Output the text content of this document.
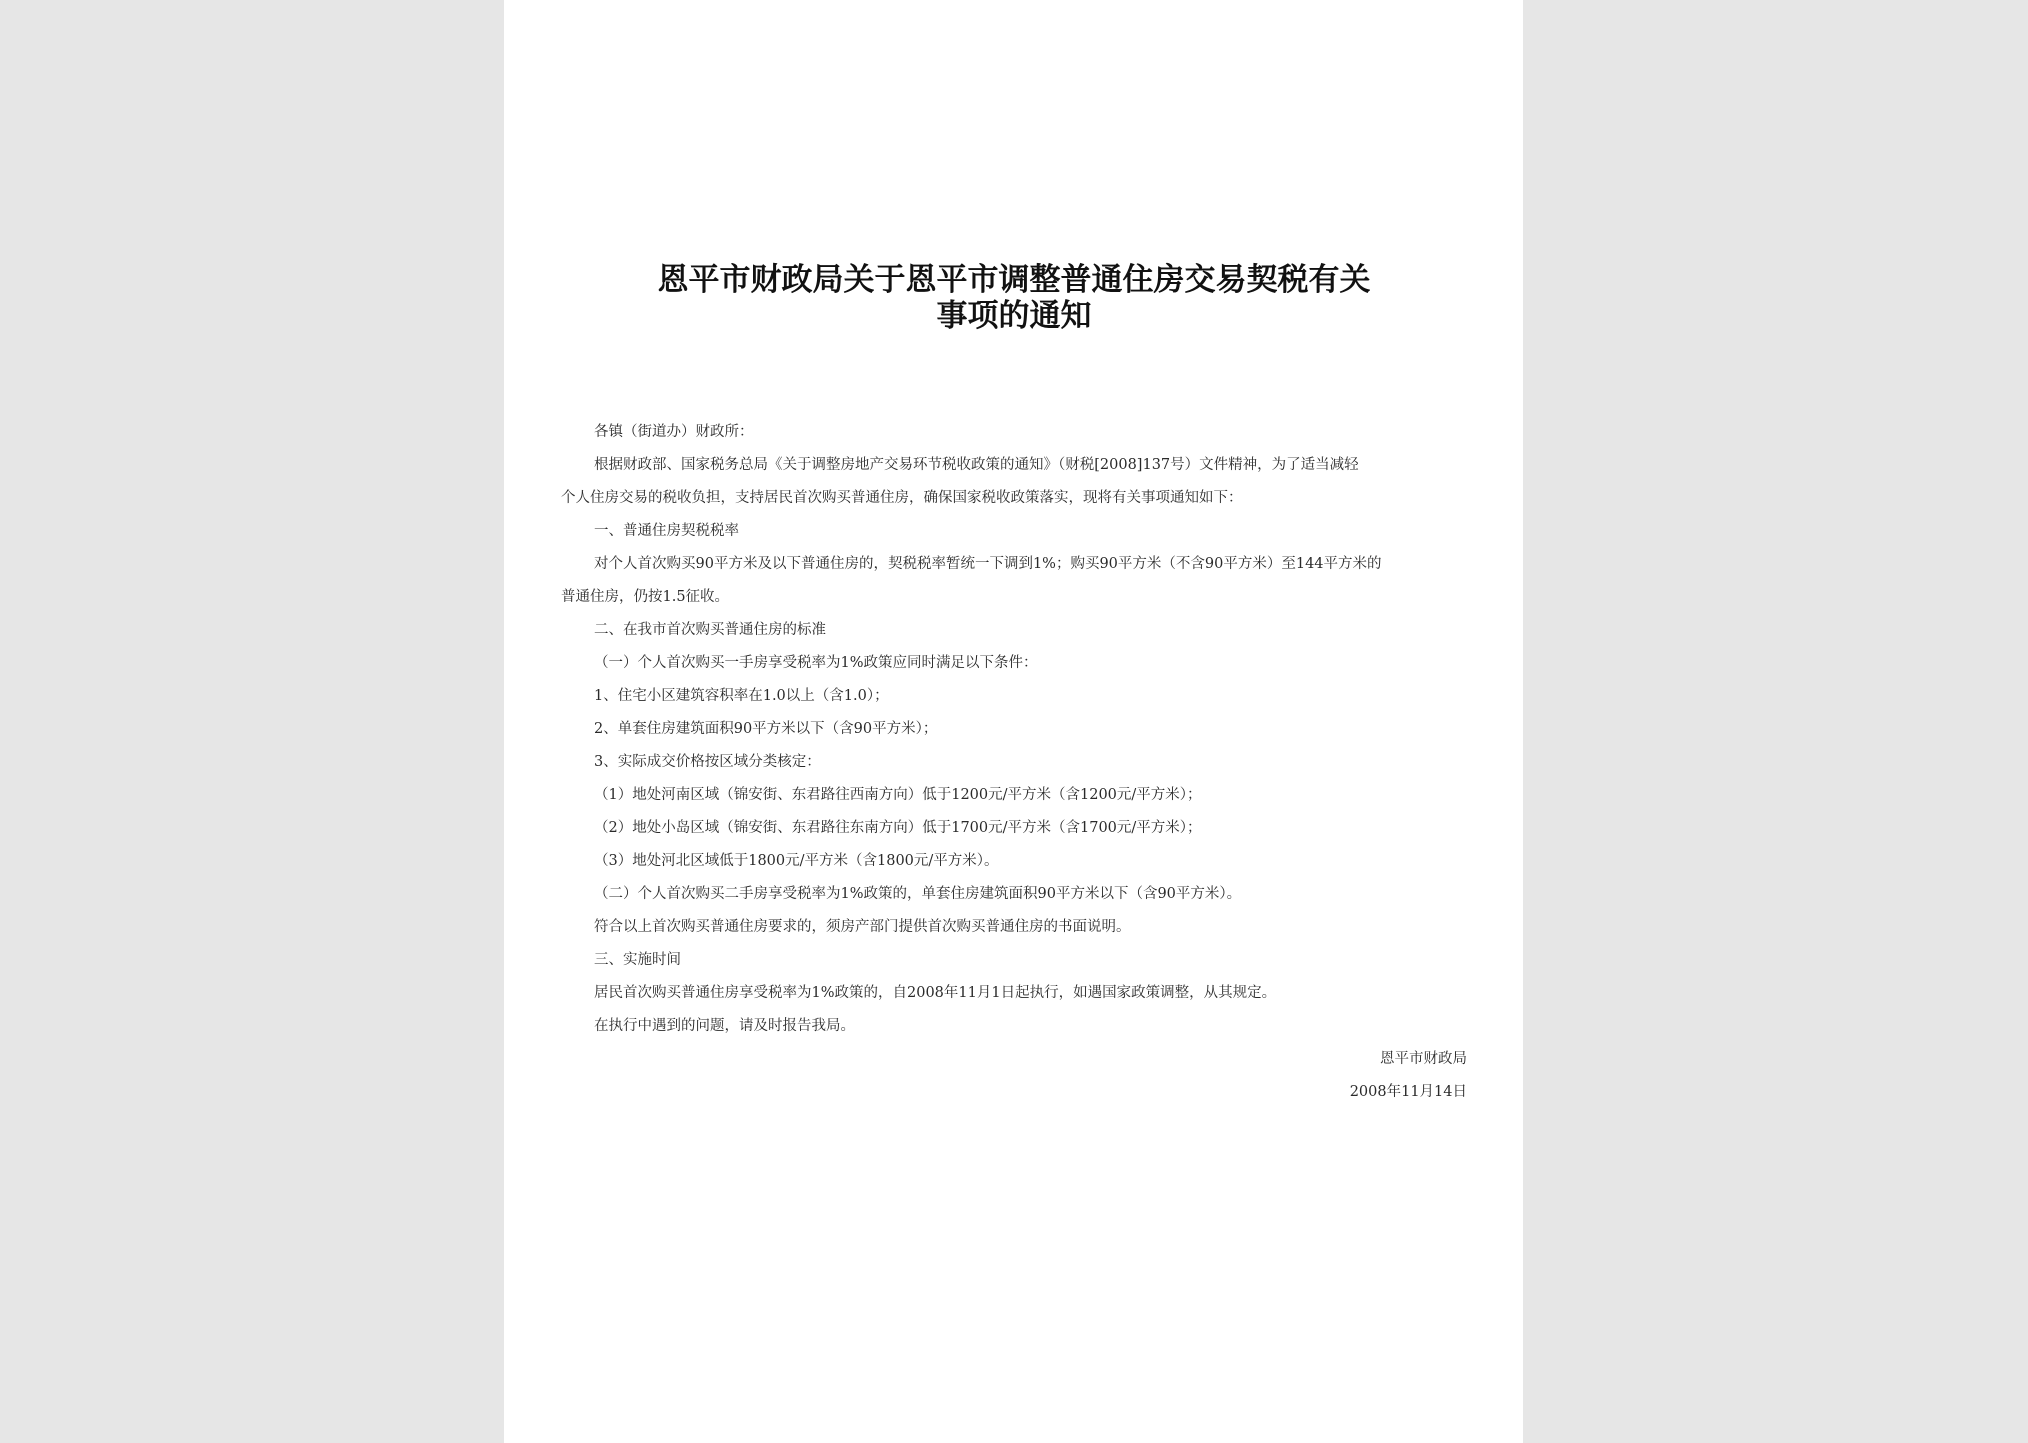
恩平市财政局关于恩平市调整普通住房交易契税有关
事项的通知
各镇（街道办）财政所：
根据财政部、国家税务总局《关于调整房地产交易环节税收政策的通知》（财税[2008]137号）文件精神，为了适当减轻
个人住房交易的税收负担，支持居民首次购买普通住房，确保国家税收政策落实，现将有关事项通知如下：
一、普通住房契税税率
对个人首次购买90平方米及以下普通住房的，契税税率暂统一下调到1%；购买90平方米（不含90平方米）至144平方米的
普通住房，仍按1.5征收。
二、在我市首次购买普通住房的标准
（一）个人首次购买一手房享受税率为1%政策应同时满足以下条件：
1、住宅小区建筑容积率在1.0以上（含1.0）；
2、单套住房建筑面积90平方米以下（含90平方米）；
3、实际成交价格按区域分类核定：
（1）地处河南区域（锦安街、东君路往西南方向）低于1200元/平方米（含1200元/平方米）；
（2）地处小岛区域（锦安街、东君路往东南方向）低于1700元/平方米（含1700元/平方米）；
（3）地处河北区域低于1800元/平方米（含1800元/平方米）。
（二）个人首次购买二手房享受税率为1%政策的，单套住房建筑面积90平方米以下（含90平方米）。
符合以上首次购买普通住房要求的，须房产部门提供首次购买普通住房的书面说明。
三、实施时间
居民首次购买普通住房享受税率为1%政策的，自2008年11月1日起执行，如遇国家政策调整，从其规定。
在执行中遇到的问题，请及时报告我局。
恩平市财政局
2008年11月14日
